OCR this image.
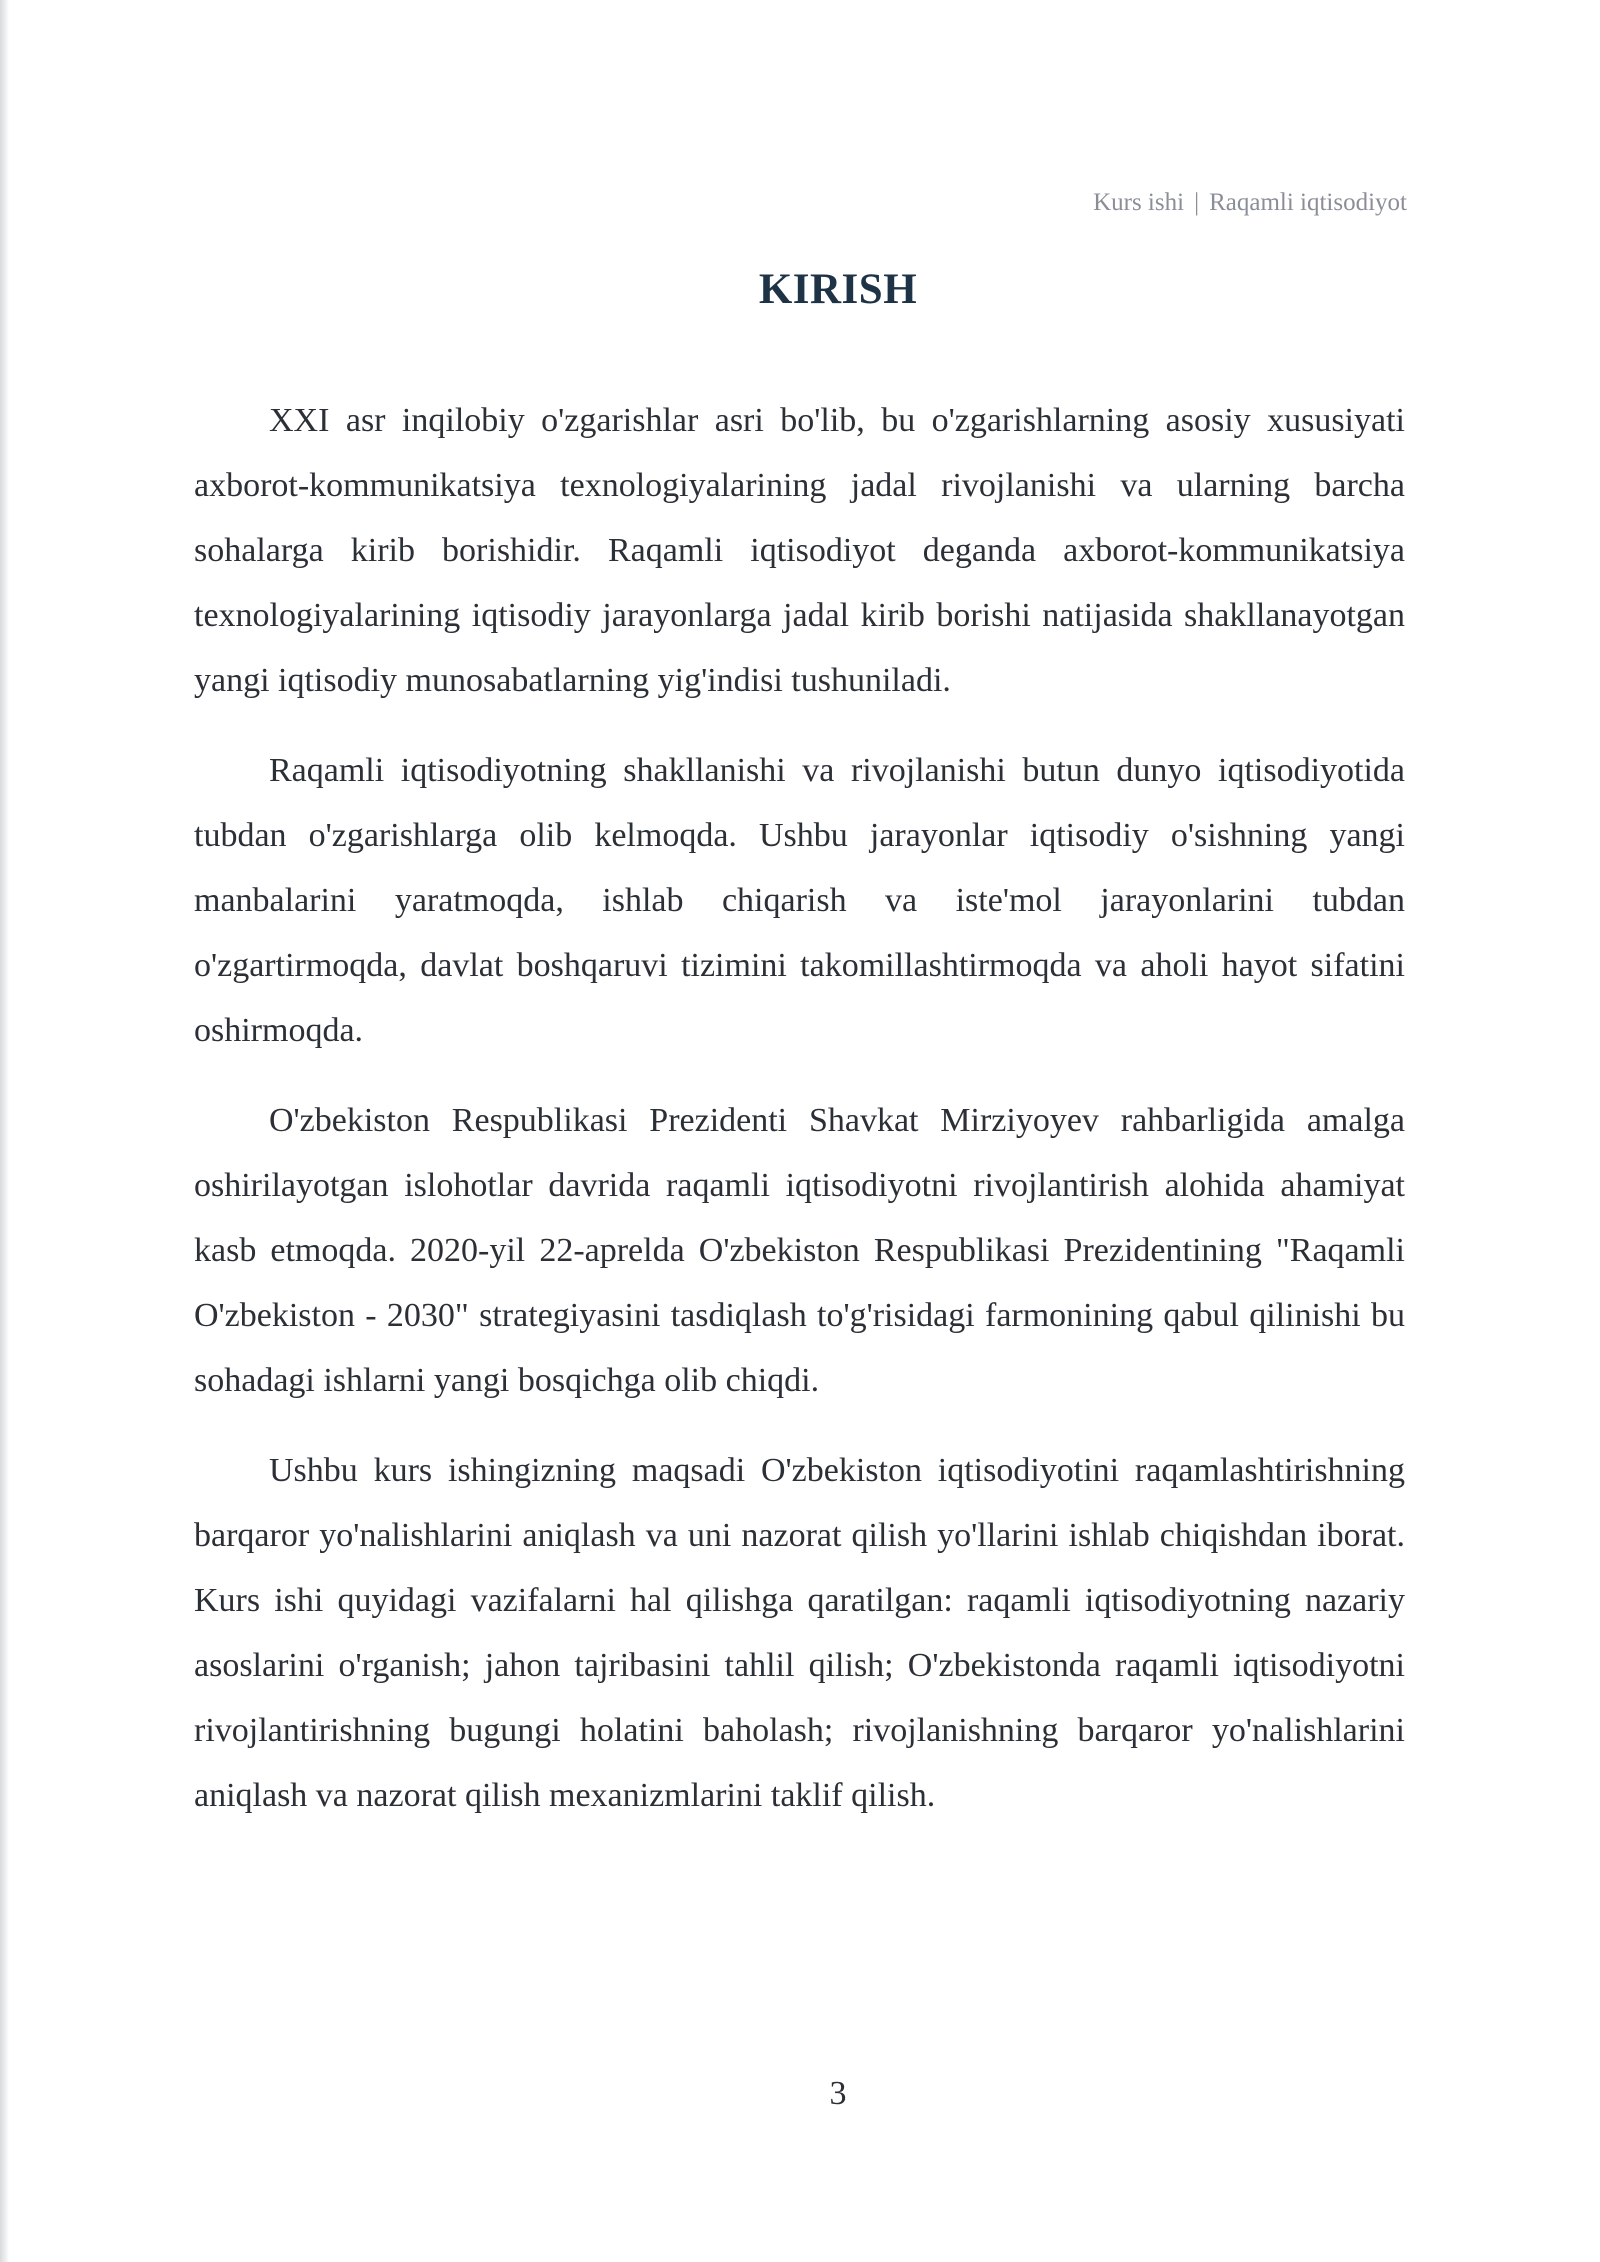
Kurs ishi | Raqamli iqtisodiyot
KIRISH

XXI asr inqilobiy o'zgarishlar asri bo'lib, bu o'zgarishlarning asosiy xususiyati axborot-kommunikatsiya texnologiyalarining jadal rivojlanishi va ularning barcha sohalarga kirib borishidir. Raqamli iqtisodiyot deganda axborot-kommunikatsiya texnologiyalarining iqtisodiy jarayonlarga jadal kirib borishi natijasida shakllanayotgan yangi iqtisodiy munosabatlarning yig'indisi tushuniladi.

Raqamli iqtisodiyotning shakllanishi va rivojlanishi butun dunyo iqtisodiyotida tubdan o'zgarishlarga olib kelmoqda. Ushbu jarayonlar iqtisodiy o'sishning yangi manbalarini yaratmoqda, ishlab chiqarish va iste'mol jarayonlarini tubdan o'zgartirmoqda, davlat boshqaruvi tizimini takomillashtirmoqda va aholi hayot sifatini oshirmoqda.

O'zbekiston Respublikasi Prezidenti Shavkat Mirziyoyev rahbarligida amalga oshirilayotgan islohotlar davrida raqamli iqtisodiyotni rivojlantirish alohida ahamiyat kasb etmoqda. 2020-yil 22-aprelda O'zbekiston Respublikasi Prezidentining "Raqamli O'zbekiston - 2030" strategiyasini tasdiqlash to'g'risidagi farmonining qabul qilinishi bu sohadagi ishlarni yangi bosqichga olib chiqdi.

Ushbu kurs ishingizning maqsadi O'zbekiston iqtisodiyotini raqamlashtirishning barqaror yo'nalishlarini aniqlash va uni nazorat qilish yo'llarini ishlab chiqishdan iborat. Kurs ishi quyidagi vazifalarni hal qilishga qaratilgan: raqamli iqtisodiyotning nazariy asoslarini o'rganish; jahon tajribasini tahlil qilish; O'zbekistonda raqamli iqtisodiyotni rivojlantirishning bugungi holatini baholash; rivojlanishning barqaror yo'nalishlarini aniqlash va nazorat qilish mexanizmlarini taklif qilish.

3
